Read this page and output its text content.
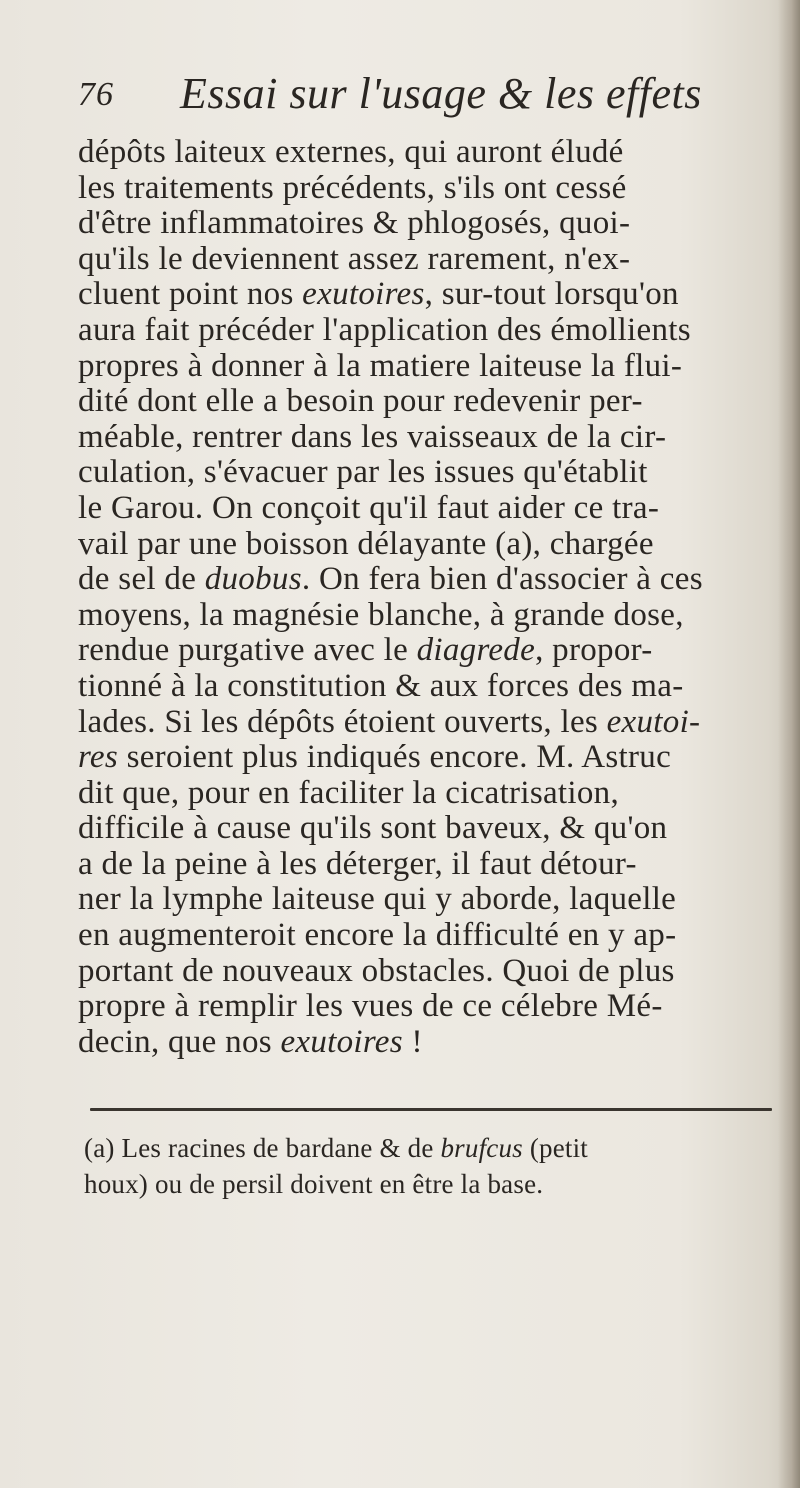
76 Essai sur l'usage & les effets
dépôts laiteux externes, qui auront éludé
les traitements précédents, s'ils ont cessé
d'être inflammatoires & phlogosés, quoi-
qu'ils le deviennent assez rarement, n'ex-
cluent point nos exutoires, sur-tout lorsqu'on
aura fait précéder l'application des émollients
propres à donner à la matiere laiteuse la flui-
dité dont elle a besoin pour redevenir per-
méable, rentrer dans les vaisseaux de la cir-
culation, s'évacuer par les issues qu'établit
le Garou. On conçoit qu'il faut aider ce tra-
vail par une boisson délayante (a), chargée
de sel de duobus. On fera bien d'associer à ces
moyens, la magnésie blanche, à grande dose,
rendue purgative avec le diagrede, propor-
tionné à la constitution & aux forces des ma-
lades. Si les dépôts étoient ouverts, les exutoi-
res seroient plus indiqués encore. M. Astruc
dit que, pour en faciliter la cicatrisation,
difficile à cause qu'ils sont baveux, & qu'on
a de la peine à les déterger, il faut détour-
ner la lymphe laiteuse qui y aborde, laquelle
en augmenteroit encore la difficulté en y ap-
portant de nouveaux obstacles. Quoi de plus
propre à remplir les vues de ce célebre Mé-
decin, que nos exutoires !
(a) Les racines de bardane & de brufcus (petit
houx) ou de persil doivent en être la base.
